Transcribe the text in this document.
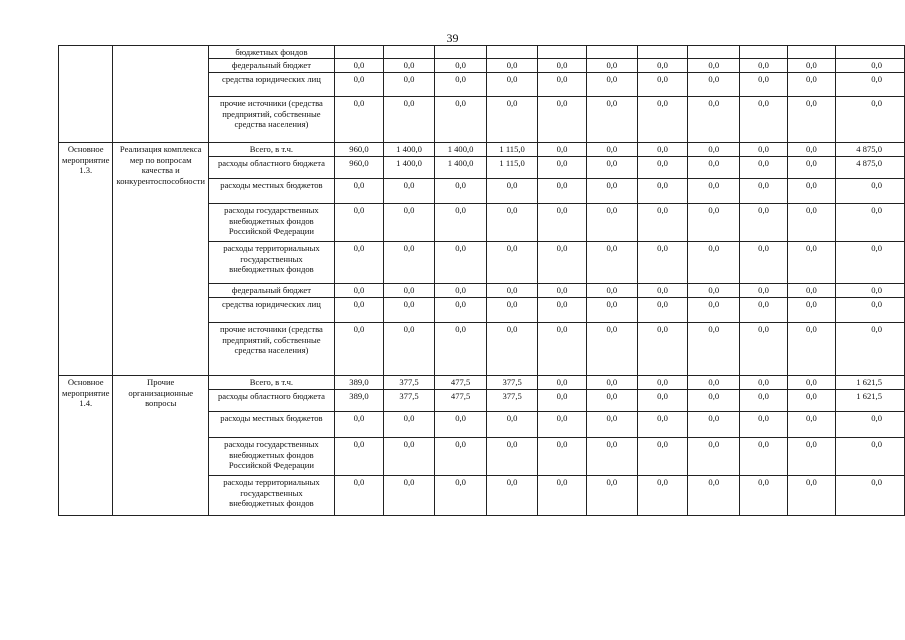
39
		бюджетных фондов											
		федеральный бюджет	0,0	0,0	0,0	0,0	0,0	0,0	0,0	0,0	0,0	0,0	0,0
		средства юридических лиц	0,0	0,0	0,0	0,0	0,0	0,0	0,0	0,0	0,0	0,0	0,0
		прочие источники (средства предприятий, собственные средства населения)	0,0	0,0	0,0	0,0	0,0	0,0	0,0	0,0	0,0	0,0	0,0
Основное мероприятие 1.3.	Реализация комплекса мер по вопросам качества и конкурентоспособности	Всего, в т.ч.	960,0	1 400,0	1 400,0	1 115,0	0,0	0,0	0,0	0,0	0,0	0,0	4 875,0
		расходы областного бюджета	960,0	1 400,0	1 400,0	1 115,0	0,0	0,0	0,0	0,0	0,0	0,0	4 875,0
		расходы местных бюджетов	0,0	0,0	0,0	0,0	0,0	0,0	0,0	0,0	0,0	0,0	0,0
		расходы государственных внебюджетных фондов Российской Федерации	0,0	0,0	0,0	0,0	0,0	0,0	0,0	0,0	0,0	0,0	0,0
		расходы территориальных государственных внебюджетных фондов	0,0	0,0	0,0	0,0	0,0	0,0	0,0	0,0	0,0	0,0	0,0
		федеральный бюджет	0,0	0,0	0,0	0,0	0,0	0,0	0,0	0,0	0,0	0,0	0,0
		средства юридических лиц	0,0	0,0	0,0	0,0	0,0	0,0	0,0	0,0	0,0	0,0	0,0
		прочие источники (средства предприятий, собственные средства населения)	0,0	0,0	0,0	0,0	0,0	0,0	0,0	0,0	0,0	0,0	0,0
Основное мероприятие 1.4.	Прочие организационные вопросы	Всего, в т.ч.	389,0	377,5	477,5	377,5	0,0	0,0	0,0	0,0	0,0	0,0	1 621,5
		расходы областного бюджета	389,0	377,5	477,5	377,5	0,0	0,0	0,0	0,0	0,0	0,0	1 621,5
		расходы местных бюджетов	0,0	0,0	0,0	0,0	0,0	0,0	0,0	0,0	0,0	0,0	0,0
		расходы государственных внебюджетных фондов Российской Федерации	0,0	0,0	0,0	0,0	0,0	0,0	0,0	0,0	0,0	0,0	0,0
		расходы территориальных государственных внебюджетных фондов	0,0	0,0	0,0	0,0	0,0	0,0	0,0	0,0	0,0	0,0	0,0
